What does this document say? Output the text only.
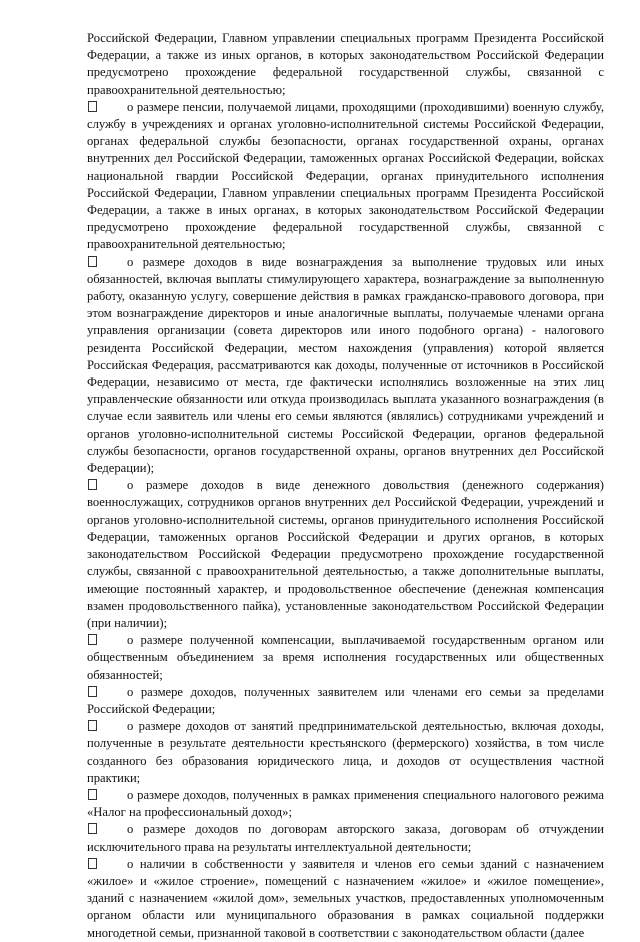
Российской Федерации, Главном управлении специальных программ Президента Российской Федерации, а также из иных органов, в которых законодательством Российской Федерации предусмотрено прохождение федеральной государственной службы, связанной с правоохранительной деятельностью;

о размере пенсии, получаемой лицами, проходящими (проходившими) военную службу, службу в учреждениях и органах уголовно-исполнительной системы Российской Федерации, органах федеральной службы безопасности, органах государственной охраны, органах внутренних дел Российской Федерации, таможенных органах Российской Федерации, войсках национальной гвардии Российской Федерации, органах принудительного исполнения Российской Федерации, Главном управлении специальных программ Президента Российской Федерации, а также в иных органах, в которых законодательством Российской Федерации предусмотрено прохождение федеральной государственной службы, связанной с правоохранительной деятельностью;

о размере доходов в виде вознаграждения за выполнение трудовых или иных обязанностей, включая выплаты стимулирующего характера, вознаграждение за выполненную работу, оказанную услугу, совершение действия в рамках гражданско-правового договора, при этом вознаграждение директоров и иные аналогичные выплаты, получаемые членами органа управления организации (совета директоров или иного подобного органа) - налогового резидента Российской Федерации, местом нахождения (управления) которой является Российская Федерация, рассматриваются как доходы, полученные от источников в Российской Федерации, независимо от места, где фактически исполнялись возложенные на этих лиц управленческие обязанности или откуда производилась выплата указанного вознаграждения (в случае если заявитель или члены его семьи являются (являлись) сотрудниками учреждений и органов уголовно-исполнительной системы Российской Федерации, органов федеральной службы безопасности, органов государственной охраны, органов внутренних дел Российской Федерации);

о размере доходов в виде денежного довольствия (денежного содержания) военнослужащих, сотрудников органов внутренних дел Российской Федерации, учреждений и органов уголовно-исполнительной системы, органов принудительного исполнения Российской Федерации, таможенных органов Российской Федерации и других органов, в которых законодательством Российской Федерации предусмотрено прохождение государственной службы, связанной с правоохранительной деятельностью, а также дополнительные выплаты, имеющие постоянный характер, и продовольственное обеспечение (денежная компенсация взамен продовольственного пайка), установленные законодательством Российской Федерации (при наличии);

о размере полученной компенсации, выплачиваемой государственным органом или общественным объединением за время исполнения государственных или общественных обязанностей;

о размере доходов, полученных заявителем или членами его семьи за пределами Российской Федерации;

о размере доходов от занятий предпринимательской деятельностью, включая доходы, полученные в результате деятельности крестьянского (фермерского) хозяйства, в том числе созданного без образования юридического лица, и доходов от осуществления частной практики;

о размере доходов, полученных в рамках применения специального налогового режима «Налог на профессиональный доход»;

о размере доходов по договорам авторского заказа, договорам об отчуждении исключительного права на результаты интеллектуальной деятельности;

о наличии в собственности у заявителя и членов его семьи зданий с назначением «жилое» и «жилое строение», помещений с назначением «жилое» и «жилое помещение», зданий с назначением «жилой дом», земельных участков, предоставленных уполномоченным органом области или муниципального образования в рамках социальной поддержки многодетной семьи, признанной таковой в соответствии с законодательством области (далее
